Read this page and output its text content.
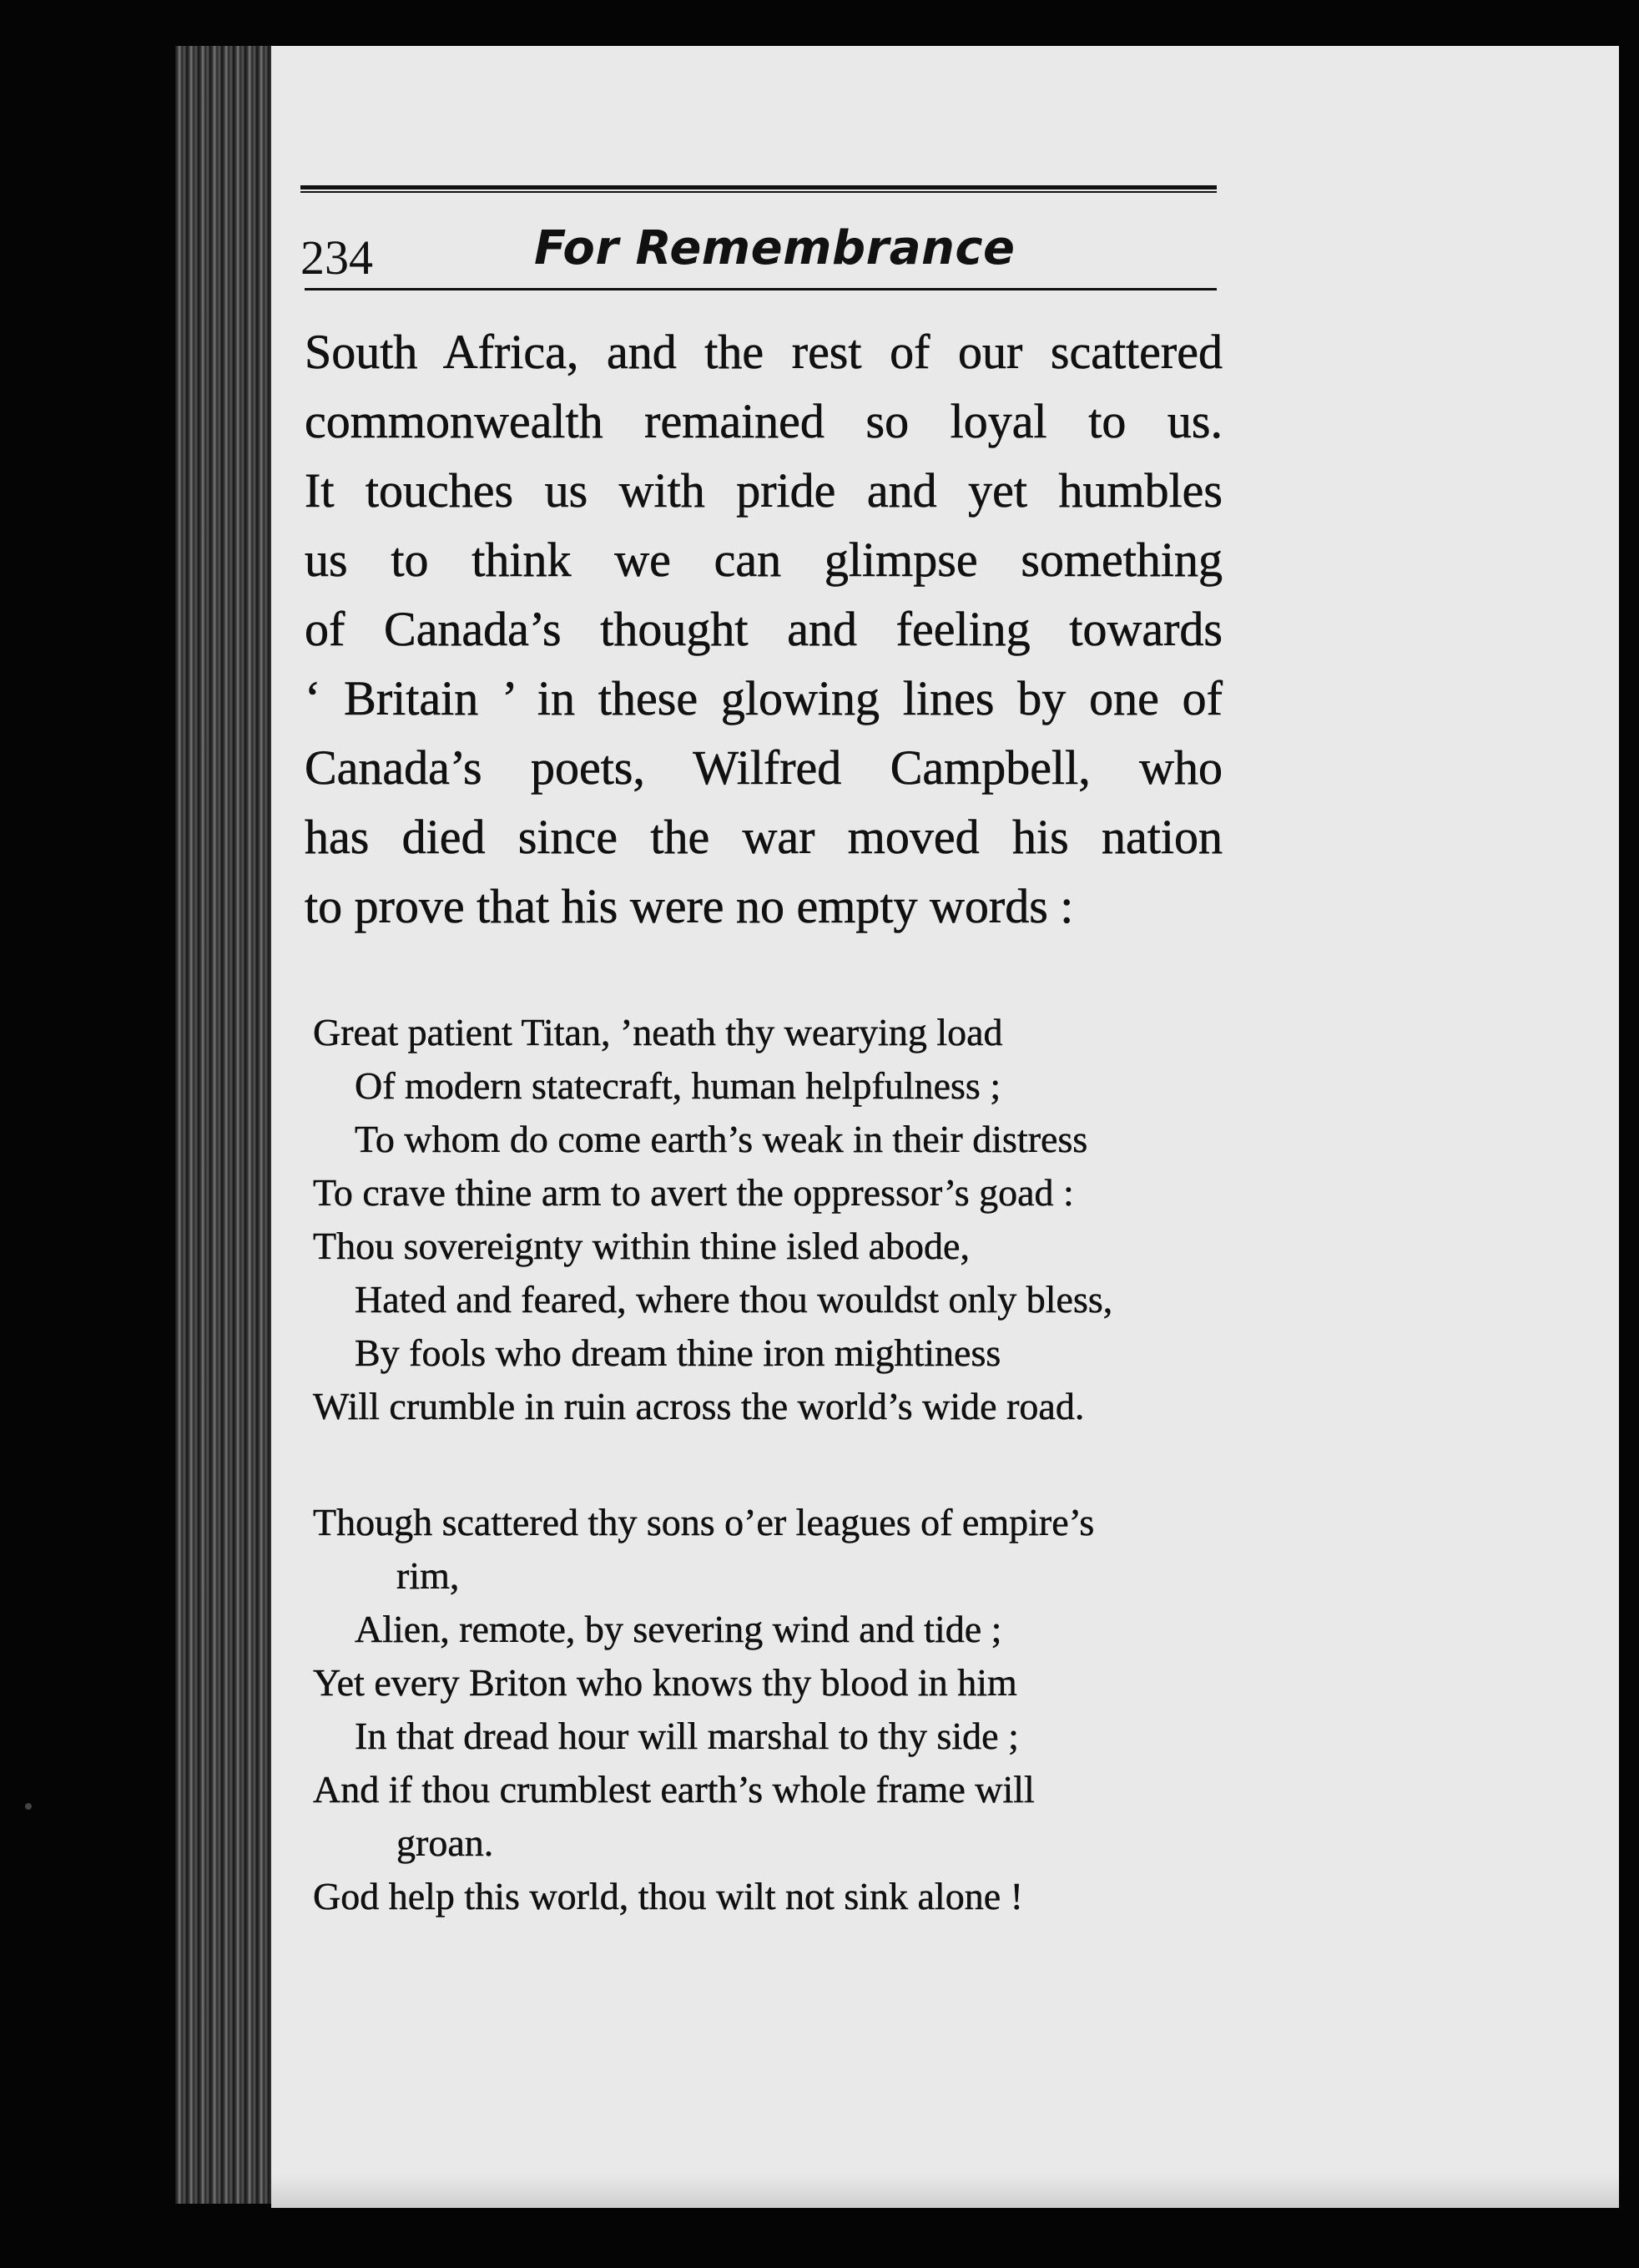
234	For Remembrance
South Africa, and the rest of our scattered
commonwealth remained so loyal to us.
It touches us with pride and yet humbles
us to think we can glimpse something
of Canada’s thought and feeling towards
‘ Britain ’ in these glowing lines by one of
Canada’s poets, Wilfred Campbell, who
has died since the war moved his nation
to prove that his were no empty words :
Great patient Titan, ’neath thy wearying load
Of modern statecraft, human helpfulness ;
To whom do come earth’s weak in their distress
To crave thine arm to avert the oppressor’s goad :
Thou sovereignty within thine isled abode,
Hated and feared, where thou wouldst only bless,
By fools who dream thine iron mightiness
Will crumble in ruin across the world’s wide road.
Though scattered thy sons o’er leagues of empire’s
rim,
Alien, remote, by severing wind and tide ;
Yet every Briton who knows thy blood in him
In that dread hour will marshal to thy side ;
And if thou crumblest earth’s whole frame will
groan.
God help this world, thou wilt not sink alone !
